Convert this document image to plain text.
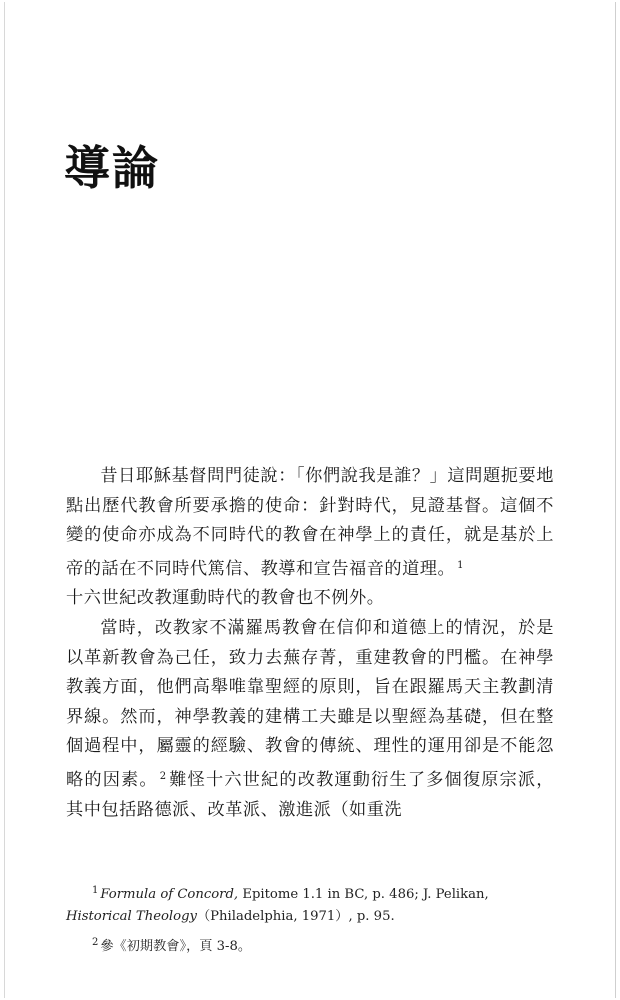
導論

昔日耶穌基督問門徒說：「你們說我是誰？」這問題扼要地點出歷代教會所要承擔的使命：針對時代，見證基督。這個不變的使命亦成為不同時代的教會在神學上的責任，就是基於上帝的話在不同時代篤信、教導和宣告福音的道理。 $^1$
十六世紀改教運動時代的教會也不例外。

當時，改教家不滿羅馬教會在信仰和道德上的情況，於是以革新教會為己任，致力去蕪存菁，重建教會的門檻。在神學教義方面，他們高舉唯靠聖經的原則，旨在跟羅馬天主教劃清界線。然而，神學教義的建構工夫雖是以聖經為基礎，但在整個過程中，屬靈的經驗、教會的傳統、理性的運用卻是不能忽略的因素。 $^2$ 難怪十六世紀的改教運動衍生了多個復原宗派，其中包括路德派、改革派、激進派（如重洗

$^1$ Formula of Concord, Epitome 1.1 in BC, p. 486; J. Pelikan, Historical Theology（Philadelphia, 1971）, p. 95.
$^2$ 參《初期教會》，頁 3-8。
